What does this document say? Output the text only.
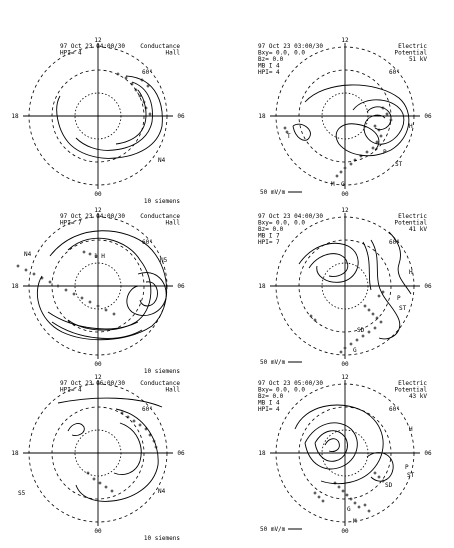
97 Oct 23 04:00/30
HPI= 4
Conductance
Hall
12
18	06
00
60°
N4
10 siemens
97 Oct 23 03:00/30
Bxy= 0.0, 0.0
Bz= 0.0
MB I 4
HPI= 4
Electric
Potential
51 kV
12
18	06
00
60°
H
P
T
ST
M G
50 mV/m
97 Oct 23 04:00/30
HPI= 7
Conductance
Hall
12
18	06
00
60°
N4
N5
1 H
10 siemens
97 Oct 23 04:00/30
Bxy= 0.0, 0.0
Bz= 0.0
MB I 7
HPI= 7
Electric
Potential
41 kV
12
18	06
00
60°
H
P
ST
SD
G
50 mV/m
97 Oct 23 06:00/30
HPI= 4
Conductance
Hall
12
18	06
00
60°
S5	N4
10 siemens
97 Oct 23 05:00/30
Bxy= 0.0, 0.0
Bz= 0.0
MB I 4
HPI= 4
Electric
Potential
43 kV
12
18	06
00
60°
H
P
ST
SD
G
M
50 mV/m
